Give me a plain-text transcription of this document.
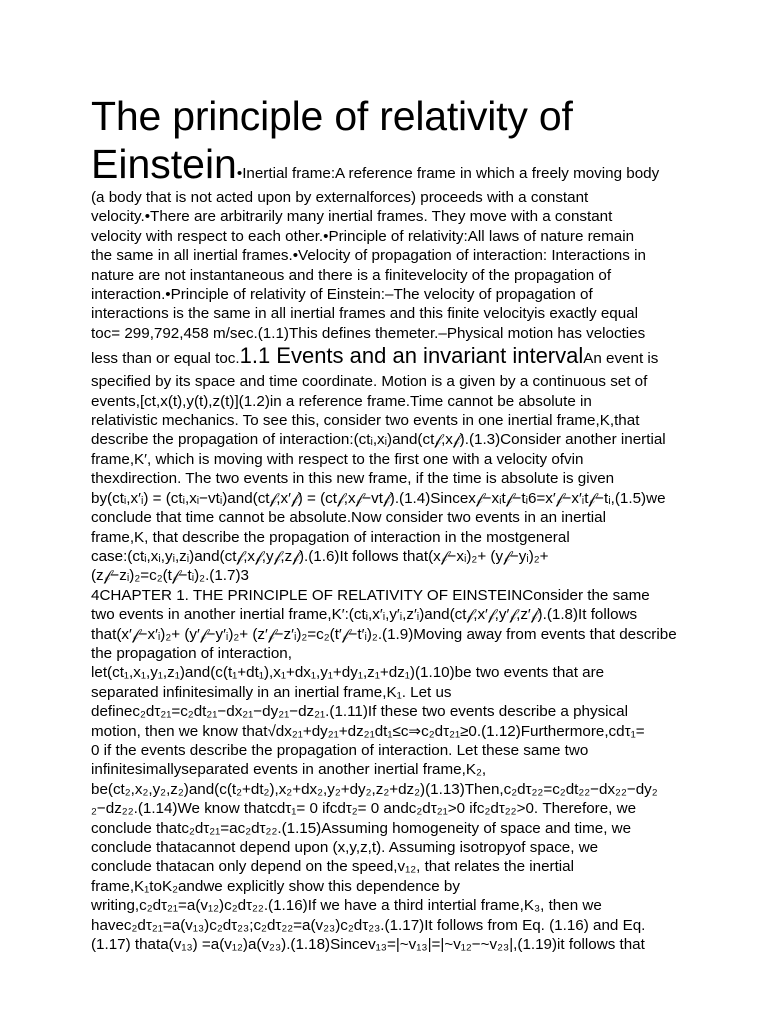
The principle of relativity of
Einstein•Inertial frame:A reference frame in which a freely moving body
(a body that is not acted upon by externalforces) proceeds with a constant
velocity.•There are arbitrarily many inertial frames. They move with a constant
velocity with respect to each other.•Principle of relativity:All laws of nature remain
the same in all inertial frames.•Velocity of propagation of interaction: Interactions in
nature are not instantaneous and there is a finitevelocity of the propagation of
interaction.•Principle of relativity of Einstein:–The velocity of propagation of
interactions is the same in all inertial frames and this finite velocityis exactly equal
toc= 299,792,458 m/sec.(1.1)This defines themeter.–Physical motion has velocties
less than or equal toc.1.1 Events and an invariant intervalAn event is
specified by its space and time coordinate. Motion is a given by a continuous set of
events,[ct,x(t),y(t),z(t)](1.2)in a reference frame.Time cannot be absolute in
relativistic mechanics. To see this, consider two events in one inertial frame,K,that
describe the propagation of interaction:(ctᵢ,xᵢ)and(ct𝒻,x𝒻).(1.3)Consider another inertial
frame,K′, which is moving with respect to the first one with a velocity ofvin
thexdirection. The two events in this new frame, if the time is absolute is given
by(ctᵢ,x′ᵢ) = (ctᵢ,xᵢ−vtᵢ)and(ct𝒻,x′𝒻) = (ct𝒻,x𝒻−vt𝒻).(1.4)Sincex𝒻−xᵢt𝒻−tᵢ6=x′𝒻−x′ᵢt𝒻−tᵢ,(1.5)we
conclude that time cannot be absolute.Now consider two events in an inertial
frame,K, that describe the propagation of interaction in the mostgeneral
case:(ctᵢ,xᵢ,yᵢ,zᵢ)and(ct𝒻,x𝒻,y𝒻,z𝒻).(1.6)It follows that(x𝒻−xᵢ)₂+ (y𝒻−yᵢ)₂+
(z𝒻−zᵢ)₂=c₂(t𝒻−tᵢ)₂.(1.7)3
4CHAPTER 1. THE PRINCIPLE OF RELATIVITY OF EINSTEINConsider the same
two events in another inertial frame,K′:(ctᵢ,x′ᵢ,y′ᵢ,z′ᵢ)and(ct𝒻,x′𝒻,y′𝒻,z′𝒻).(1.8)It follows
that(x′𝒻−x′ᵢ)₂+ (y′𝒻−y′ᵢ)₂+ (z′𝒻−z′ᵢ)₂=c₂(t′𝒻−t′ᵢ)₂.(1.9)Moving away from events that describe
the propagation of interaction,
let(ct₁,x₁,y₁,z₁)and(c(t₁+dt₁),x₁+dx₁,y₁+dy₁,z₁+dz₁)(1.10)be two events that are
separated infinitesimally in an inertial frame,K₁. Let us
definec₂dτ₂₁=c₂dt₂₁−dx₂₁−dy₂₁−dz₂₁.(1.11)If these two events describe a physical
motion, then we know that√dx₂₁+dy₂₁+dz₂₁dt₁≤c⇒c₂dτ₂₁≥0.(1.12)Furthermore,cdτ₁=
0 if the events describe the propagation of interaction. Let these same two
infinitesimallyseparated events in another inertial frame,K₂,
be(ct₂,x₂,y₂,z₂)and(c(t₂+dt₂),x₂+dx₂,y₂+dy₂,z₂+dz₂)(1.13)Then,c₂dτ₂₂=c₂dt₂₂−dx₂₂−dy₂
₂−dz₂₂.(1.14)We know thatcdτ₁= 0 ifcdτ₂= 0 andc₂dτ₂₁>0 ifc₂dτ₂₂>0. Therefore, we
conclude thatc₂dτ₂₁=ac₂dτ₂₂.(1.15)Assuming homogeneity of space and time, we
conclude thatacannot depend upon (x,y,z,t). Assuming isotropyof space, we
conclude thatacan only depend on the speed,v₁₂, that relates the inertial
frame,K₁toK₂andwe explicitly show this dependence by
writing,c₂dτ₂₁=a(v₁₂)c₂dτ₂₂.(1.16)If we have a third intertial frame,K₃, then we
havec₂dτ₂₁=a(v₁₃)c₂dτ₂₃;c₂dτ₂₂=a(v₂₃)c₂dτ₂₃.(1.17)It follows from Eq. (1.16) and Eq.
(1.17) thata(v₁₃) =a(v₁₂)a(v₂₃).(1.18)Sincev₁₃=|~v₁₃|=|~v₁₂−~v₂₃|,(1.19)it follows that
